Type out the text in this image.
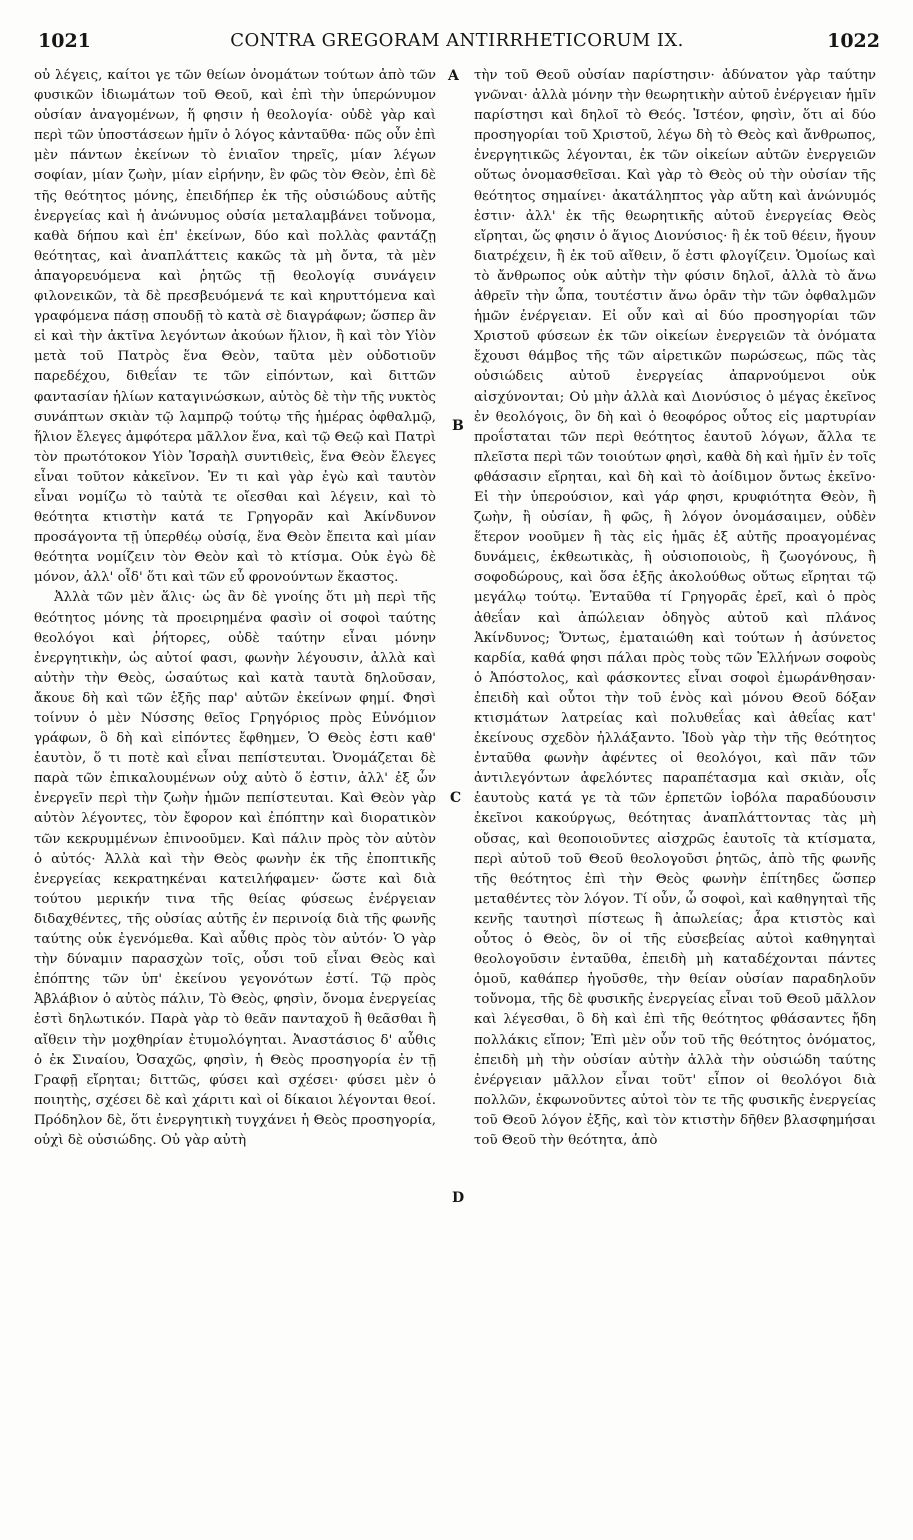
1021	CONTRA GREGORAM ANTIRRHETICORUM IX.	1022

οὐ λέγεις, καίτοι γε τῶν θείων ὀνομάτων τούτων ἀπὸ τῶν φυσικῶν ἰδιωμάτων τοῦ Θεοῦ, καὶ ἐπὶ τὴν ὑπερώνυμον οὐσίαν ἀναγομένων, ἥ φησιν ἡ θεολογία· οὐδὲ γὰρ καὶ περὶ τῶν ὑποστάσεων ἡμῖν ὁ λόγος κἀνταῦθα· πῶς οὖν ἐπὶ μὲν πάντων ἐκείνων τὸ ἑνιαῖον τηρεῖς, μίαν λέγων σοφίαν, μίαν ζωὴν, μίαν εἰρήνην, ἓν φῶς τὸν Θεὸν, ἐπὶ δὲ τῆς θεότητος μόνης, ἐπειδήπερ ἐκ τῆς οὐσιώδους αὐτῆς ἐνεργείας καὶ ἡ ἀνώνυμος οὐσία μεταλαμβάνει τοὔνομα, καθὰ δήπου καὶ ἐπ' ἐκείνων, δύο καὶ πολλὰς φαντάζῃ θεότητας, καὶ ἀναπλάττεις κακῶς τὰ μὴ ὄντα, τὰ μὲν ἀπαγορευόμενα καὶ ῥητῶς τῇ θεολογίᾳ συνάγειν φιλονεικῶν, τὰ δὲ πρεσβευόμενά τε καὶ κηρυττόμενα καὶ γραφόμενα πάσῃ σπουδῇ τὸ κατὰ σὲ διαγράφων; ὥσπερ ἂν εἰ καὶ τὴν ἀκτῖνα λεγόντων ἀκούων ἥλιον, ἢ καὶ τὸν Υἱὸν μετὰ τοῦ Πατρὸς ἕνα Θεὸν, ταῦτα μὲν οὐδοτιοῦν παρεδέχου, διθεΐαν τε τῶν εἰπόντων, καὶ διττῶν φαντασίαν ἡλίων καταγινώσκων, αὐτὸς δὲ τὴν τῆς νυκτὸς συνάπτων σκιὰν τῷ λαμπρῷ τούτῳ τῆς ἡμέρας ὀφθαλμῷ, ἥλιον ἔλεγες ἀμφότερα μᾶλλον ἕνα, καὶ τῷ Θεῷ καὶ Πατρὶ τὸν πρωτότοκον Υἱὸν Ἰσραὴλ συντιθεὶς, ἕνα Θεὸν ἔλεγες εἶναι τοῦτον κἀκεῖνον. Ἐν τι καὶ γὰρ ἐγὼ καὶ ταυτὸν εἶναι νομίζω τὸ ταὐτὰ τε οἴεσθαι καὶ λέγειν, καὶ τὸ θεότητα κτιστὴν κατά τε Γρηγορᾶν καὶ Ἀκίνδυνον προσάγοντα τῇ ὑπερθέῳ οὐσίᾳ, ἕνα Θεὸν ἔπειτα καὶ μίαν θεότητα νομίζειν τὸν Θεὸν καὶ τὸ κτίσμα. Οὐκ ἐγὼ δὲ μόνον, ἀλλ' οἶδ' ὅτι καὶ τῶν εὖ φρονούντων ἕκαστος.

Ἀλλὰ τῶν μὲν ἅλις· ὡς ἂν δὲ γνοίης ὅτι μὴ περὶ τῆς θεότητος μόνης τὰ προειρημένα φασὶν οἱ σοφοὶ ταύτης θεολόγοι καὶ ῥήτορες, οὐδὲ ταύτην εἶναι μόνην ἐνεργητικὴν, ὡς αὐτοί φασι, φωνὴν λέγουσιν, ἀλλὰ καὶ αὐτὴν τὴν Θεὸς, ὡσαύτως καὶ κατὰ ταυτὰ δηλοῦσαν, ἄκουε δὴ καὶ τῶν ἑξῆς παρ' αὐτῶν ἐκείνων φημί. Φησὶ τοίνυν ὁ μὲν Νύσσης θεῖος Γρηγόριος πρὸς Εὐνόμιον γράφων, ὃ δὴ καὶ εἰπόντες ἔφθημεν, Ὁ Θεὸς ἐστι καθ' ἑαυτὸν, ὅ τι ποτὲ καὶ εἶναι πεπίστευται. Ὀνομάζεται δὲ παρὰ τῶν ἐπικαλουμένων οὐχ αὐτὸ ὅ ἐστιν, ἀλλ' ἐξ ὧν ἐνεργεῖν περὶ τὴν ζωὴν ἡμῶν πεπίστευται. Καὶ Θεὸν γὰρ αὐτὸν λέγοντες, τὸν ἔφορον καὶ ἐπόπτην καὶ διορατικὸν τῶν κεκρυμμένων ἐπινοοῦμεν. Καὶ πάλιν πρὸς τὸν αὐτὸν ὁ αὐτός· Ἀλλὰ καὶ τὴν Θεὸς φωνὴν ἐκ τῆς ἐποπτικῆς ἐνεργείας κεκρατηκέναι κατειλήφαμεν· ὥστε καὶ διὰ τούτου μερικήν τινα τῆς θείας φύσεως ἐνέργειαν διδαχθέντες, τῆς οὐσίας αὐτῆς ἐν περινοίᾳ διὰ τῆς φωνῆς ταύτης οὐκ ἐγενόμεθα. Καὶ αὖθις πρὸς τὸν αὐτόν· Ὁ γὰρ τὴν δύναμιν παρασχὼν τοῖς, οὗσι τοῦ εἶναι Θεὸς καὶ ἐπόπτης τῶν ὑπ' ἐκείνου γεγονότων ἐστί. Τῷ πρὸς Ἀβλάβιον ὁ αὐτὸς πάλιν, Τὸ Θεὸς, φησὶν, ὄνομα ἐνεργείας ἐστὶ δηλωτικόν. Παρὰ γὰρ τὸ θεᾶν πανταχοῦ ἢ θεᾶσθαι ἢ αἴθειν τὴν μοχθηρίαν ἐτυμολόγηται. Ἀναστάσιος δ' αὖθις ὁ ἐκ Σιναίου, Ὀσαχῶς, φησὶν, ἡ Θεὸς προσηγορία ἐν τῇ Γραφῇ εἴρηται; διττῶς, φύσει καὶ σχέσει· φύσει μὲν ὁ ποιητὴς, σχέσει δὲ καὶ χάριτι καὶ οἱ δίκαιοι λέγονται θεοί. Πρόδηλον δὲ, ὅτι ἐνεργητικὴ τυγχάνει ἡ Θεὸς προσηγορία, οὐχὶ δὲ οὐσιώδης. Οὐ γὰρ αὐτὴ

A
B
C
D

τὴν τοῦ Θεοῦ οὐσίαν παρίστησιν· ἀδύνατον γὰρ ταύτην γνῶναι· ἀλλὰ μόνην τὴν θεωρητικὴν αὐτοῦ ἐνέργειαν ἡμῖν παρίστησι καὶ δηλοῖ τὸ Θεός. Ἰστέον, φησὶν, ὅτι αἱ δύο προσηγορίαι τοῦ Χριστοῦ, λέγω δὴ τὸ Θεὸς καὶ ἄνθρωπος, ἐνεργητικῶς λέγονται, ἐκ τῶν οἰκείων αὐτῶν ἐνεργειῶν οὕτως ὀνομασθεῖσαι. Καὶ γὰρ τὸ Θεὸς οὐ τὴν οὐσίαν τῆς θεότητος σημαίνει· ἀκατάληπτος γὰρ αὕτη καὶ ἀνώνυμός ἐστιν· ἀλλ' ἐκ τῆς θεωρητικῆς αὐτοῦ ἐνεργείας Θεὸς εἴρηται, ὥς φησιν ὁ ἅγιος Διονύσιος· ἢ ἐκ τοῦ θέειν, ἤγουν διατρέχειν, ἢ ἐκ τοῦ αἴθειν, ὅ ἐστι φλογίζειν. Ὁμοίως καὶ τὸ ἄνθρωπος οὐκ αὐτὴν τὴν φύσιν δηλοῖ, ἀλλὰ τὸ ἄνω ἀθρεῖν τὴν ὦπα, τουτέστιν ἄνω ὁρᾶν τὴν τῶν ὀφθαλμῶν ἡμῶν ἐνέργειαν. Εἰ οὖν καὶ αἱ δύο προσηγορίαι τῶν Χριστοῦ φύσεων ἐκ τῶν οἰκείων ἐνεργειῶν τὰ ὀνόματα ἔχουσι θάμβος τῆς τῶν αἱρετικῶν πωρώσεως, πῶς τὰς οὐσιώδεις αὐτοῦ ἐνεργείας ἀπαρνούμενοι οὐκ αἰσχύνονται; Οὐ μὴν ἀλλὰ καὶ Διονύσιος ὁ μέγας ἐκεῖνος ἐν θεολόγοις, ὃν δὴ καὶ ὁ θεοφόρος οὗτος εἰς μαρτυρίαν προΐσταται τῶν περὶ θεότητος ἑαυτοῦ λόγων, ἄλλα τε πλεῖστα περὶ τῶν τοιούτων φησὶ, καθὰ δὴ καὶ ἡμῖν ἐν τοῖς φθάσασιν εἴρηται, καὶ δὴ καὶ τὸ ἀοίδιμον ὄντως ἐκεῖνο· Εἰ τὴν ὑπερούσιον, καὶ γάρ φησι, κρυφιότητα Θεὸν, ἢ ζωὴν, ἢ οὐσίαν, ἢ φῶς, ἢ λόγον ὀνομάσαιμεν, οὐδὲν ἕτερον νοοῦμεν ἢ τὰς εἰς ἡμᾶς ἐξ αὐτῆς προαγομένας δυνάμεις, ἐκθεωτικὰς, ἢ οὐσιοποιοὺς, ἢ ζωογόνους, ἢ σοφοδώρους, καὶ ὅσα ἑξῆς ἀκολούθως οὕτως εἴρηται τῷ μεγάλῳ τούτῳ. Ἐνταῦθα τί Γρηγορᾶς ἐρεῖ, καὶ ὁ πρὸς ἀθεΐαν καὶ ἀπώλειαν ὁδηγὸς αὐτοῦ καὶ πλάνος Ἀκίνδυνος; Ὄντως, ἐματαιώθη καὶ τούτων ἡ ἀσύνετος καρδία, καθά φησι πάλαι πρὸς τοὺς τῶν Ἑλλήνων σοφοὺς ὁ Ἀπόστολος, καὶ φάσκοντες εἶναι σοφοὶ ἐμωράνθησαν· ἐπειδὴ καὶ οὗτοι τὴν τοῦ ἑνὸς καὶ μόνου Θεοῦ δόξαν κτισμάτων λατρείας καὶ πολυθεΐας καὶ ἀθεΐας κατ' ἐκείνους σχεδὸν ἠλλάξαντο. Ἰδοὺ γὰρ τὴν τῆς θεότητος ἐνταῦθα φωνὴν ἀφέντες οἱ θεολόγοι, καὶ πᾶν τῶν ἀντιλεγόντων ἀφελόντες παραπέτασμα καὶ σκιὰν, οἷς ἑαυτοὺς κατά γε τὰ τῶν ἑρπετῶν ἰοβόλα παραδύουσιν ἐκεῖνοι κακούργως, θεότητας ἀναπλάττοντας τὰς μὴ οὔσας, καὶ θεοποιοῦντες αἰσχρῶς ἑαυτοῖς τὰ κτίσματα, περὶ αὐτοῦ τοῦ Θεοῦ θεολογοῦσι ῥητῶς, ἀπὸ τῆς φωνῆς τῆς θεότητος ἐπὶ τὴν Θεὸς φωνὴν ἐπίτηδες ὥσπερ μεταθέντες τὸν λόγον. Τί οὖν, ὦ σοφοὶ, καὶ καθηγηταὶ τῆς κενῆς ταυτησὶ πίστεως ἢ ἀπωλείας; ἆρα κτιστὸς καὶ οὗτος ὁ Θεὸς, ὃν οἱ τῆς εὐσεβείας αὐτοὶ καθηγηταὶ θεολογοῦσιν ἐνταῦθα, ἐπειδὴ μὴ καταδέχονται πάντες ὁμοῦ, καθάπερ ἡγοῦσθε, τὴν θείαν οὐσίαν παραδηλοῦν τοὔνομα, τῆς δὲ φυσικῆς ἐνεργείας εἶναι τοῦ Θεοῦ μᾶλλον καὶ λέγεσθαι, ὃ δὴ καὶ ἐπὶ τῆς θεότητος φθάσαντες ἤδη πολλάκις εἴπον; Ἐπὶ μὲν οὖν τοῦ τῆς θεότητος ὀνόματος, ἐπειδὴ μὴ τὴν οὐσίαν αὐτὴν ἀλλὰ τὴν οὐσιώδη ταύτης ἐνέργειαν μᾶλλον εἶναι τοῦτ' εἶπον οἱ θεολόγοι διὰ πολλῶν, ἐκφωνοῦντες αὐτοὶ τὸν τε τῆς φυσικῆς ἐνεργείας τοῦ Θεοῦ λόγον ἐξῆς, καὶ τὸν κτιστὴν δῆθεν βλασφημήσαι τοῦ Θεοῦ τὴν θεότητα, ἀπὸ
